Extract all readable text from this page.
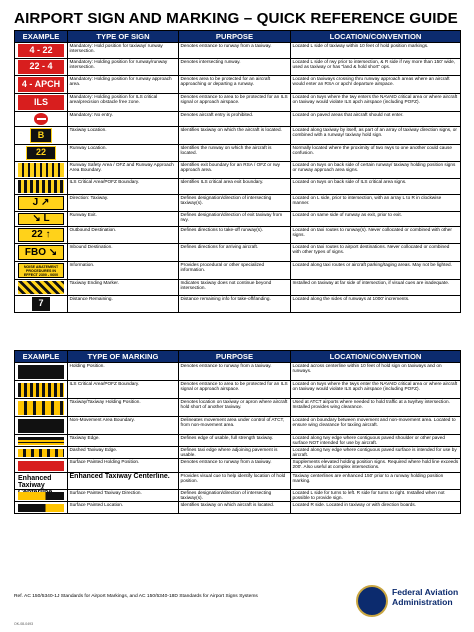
AIRPORT SIGN AND MARKING – QUICK REFERENCE GUIDE
EXAMPLE	TYPE OF SIGN	PURPOSE	LOCATION/CONVENTION

4 - 22	Mandatory: Hold position for taxiway/ runway intersection.	Denotes entrance to runway from a taxiway.	Located L side of taxiway within 10 feet of hold position markings.

22 - 4	Mandatory: Holding position for runway/runway intersection.	Denotes intersecting runway.	Located L side of rwy prior to intersection, & R side if rwy more than 150' wide, used as taxiway or has "land & hold short" ops.

4 - APCH	Mandatory: Holding position for runway approach area.	Denotes area to be protected for an aircraft approaching or departing a runway.	Located on taxiways crossing thru runway approach areas where an aircraft would enter an RSA or apch/ departure airspace.

ILS	Mandatory: Holding position for ILS critical area/precision obstacle free zone.	Denotes entrance to area to be protected for an ILS signal or approach airspace.	Located on twys where the twy enters the NAVAID critical area or where aircraft on taxiway would violate ILS apch airspace (including POFZ).

	Mandatory: No entry.	Denotes aircraft entry is prohibited.	Located on paved areas that aircraft should not enter.

B	Taxiway Location.	Identifies taxiway on which the aircraft is located.	Located along taxiway by itself, as part of an array of taxiway direction signs, or combined with a runway/ taxiway hold sign.

22	Runway Location.	Identifies the runway on which the aircraft is located.	Normally located where the proximity of two rwys to one another could cause confusion.

	Runway Safety Area / OFZ and Runway Approach Area Boundary.	Identifies exit boundary for an RSA / OFZ or rwy approach area.	Located on twys on back side of certain runway/ taxiway holding position signs or runway approach area signs.

	ILS Critical Area/POFZ Boundary.	Identifies ILS critical area exit boundary.	Located on twys on back side of ILS critical area signs.

J ↗	Direction: Taxiway.	Defines designation/direction of intersecting taxiway(s).	Located on L side, prior to intersection, with an array L to R in clockwise manner.

↘ L	Runway Exit.	Defines designation/direction of exit taxiway from rwy.	Located on same side of runway as exit, prior to exit.

22 ↑	Outbound Destination.	Defines directions to take-off runway(s).	Located on taxi routes to runway(s). Never collocated or combined with other signs.

FBO ↘	Inbound Destination.	Defines directions for arriving aircraft.	Located on taxi routes to airport destinations. Never collocated or combined with other types of signs.

NOISE ABATEMENT PROCEDURES IN EFFECT 2300 - 0600	Information.	Provides procedural or other specialized information.	Located along taxi routes or aircraft parking/taging areas. May not be lighted.

	Taxiway Ending Marker.	Indicates taxiway does not continue beyond intersection.	Installed on taxiway at far side of intersection, if visual cues are inadequate.

7	Distance Remaining.	Distance remaining info for take-off/landing.	Located along the sides of runways at 1000' increments.
EXAMPLE	TYPE OF MARKING	PURPOSE	LOCATION/CONVENTION

	Holding Position.	Denotes entrance to runway from a taxiway.	Located across centerline within 10 feet of hold sign on taxiways and on runways.

	ILS Critical Area/POFZ Boundary.	Denotes entrance to area to be protected for an ILS signal or approach airspace.	Located on twys where the twys enter the NAVAID critical area or where aircraft on taxiway would violate ILS apch airspace (including POFZ).

	Taxiway/Taxiway Holding Position.	Denotes location on taxiway or apron where aircraft hold short of another taxiway.	Used at ATCT airports where needed to hold traffic at a twy/twy intersection. Installed provides wing clearance.

	Non-Movement Area Boundary.	Delineates movement area under control of ATCT, from non-movement area.	Located on boundary between movement and non-movement area. Located to ensure wing clearance for taxiing aircraft.

	Taxiway Edge.	Defines edge of usable, full strength taxiway.	Located along twy edge where contiguous paved shoulder or other paved surface NOT intended for use by aircraft.

	Dashed Taxiway Edge.	Defines taxi edge where adjoining pavement is usable.	Located along twy edge where contiguous paved surface is intended for use by aircraft.

	Surface Painted Holding Position.	Denotes entrance to runway from a taxiway.	Supplements elevated holding position signs. Required where hold line exceeds 200'. Also useful at complex intersections.

Enhanced Taxiway	Enhanced Taxiway Centerline.	Provides visual cue to help identify location of hold position.	Taxiway centerlines are enhanced 150' prior to a runway holding position marking.

	Surface Painted Taxiway Direction.	Defines designation/direction of intersecting taxiway(s).	Located L side for turns to left. R side for turns to right. Installed when not possible to provide sign.

	Surface Painted Location.	Identifies taxiway on which aircraft is located.	Located R side. Located in taxiway or with direction boards.
Ref. AC 150/5340-1J Standards for Airport Markings, and AC 150/5340-18D Standards for Airport Signs Systems	Federal Aviation
Administration
OK-08-0493
